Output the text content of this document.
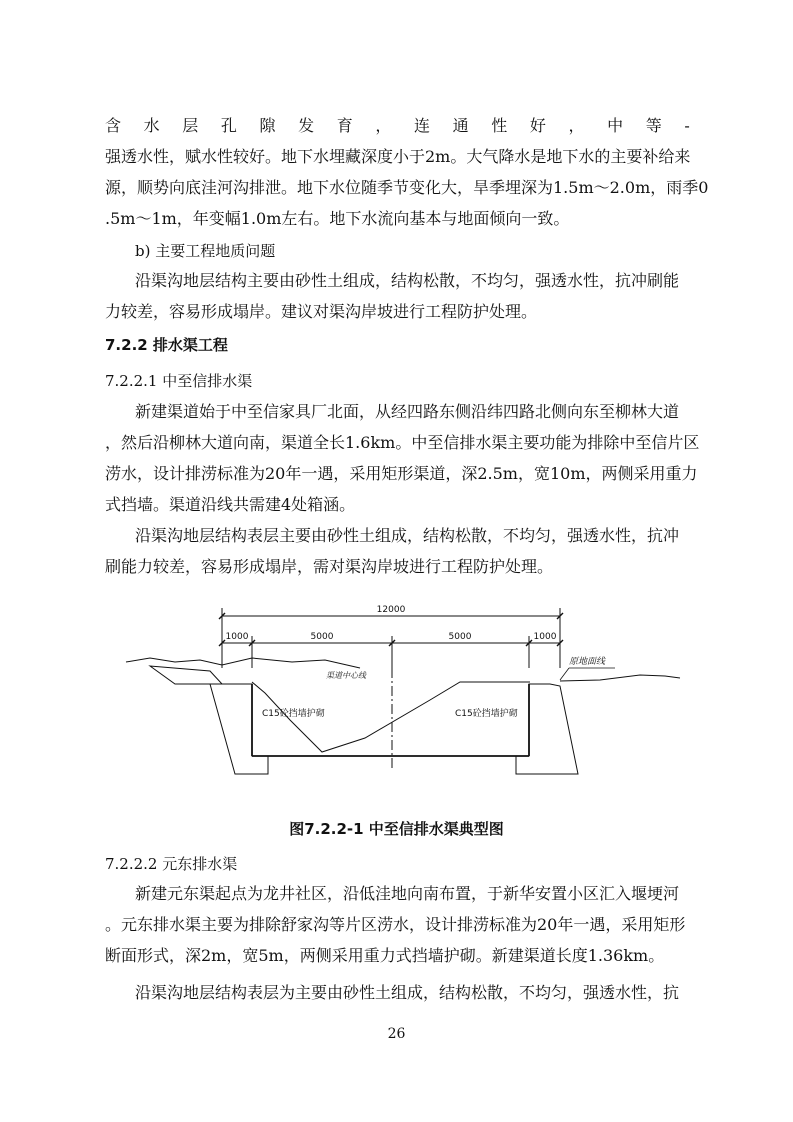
含 水 层 孔 隙 发 育 ， 连 通 性 好 ， 中 等 -
强透水性，赋水性较好。地下水埋藏深度小于2m。大气降水是地下水的主要补给来
源，顺势向底洼河沟排泄。地下水位随季节变化大，旱季埋深为1.5m～2.0m，雨季0
.5m～1m，年变幅1.0m左右。地下水流向基本与地面倾向一致。
b) 主要工程地质问题
沿渠沟地层结构主要由砂性土组成，结构松散，不均匀，强透水性，抗冲刷能
力较差，容易形成塌岸。建议对渠沟岸坡进行工程防护处理。
7.2.2 排水渠工程
7.2.2.1 中至信排水渠
新建渠道始于中至信家具厂北面，从经四路东侧沿纬四路北侧向东至柳林大道
，然后沿柳林大道向南，渠道全长1.6km。中至信排水渠主要功能为排除中至信片区
涝水，设计排涝标准为20年一遇，采用矩形渠道，深2.5m，宽10m，两侧采用重力
式挡墙。渠道沿线共需建4处箱涵。
沿渠沟地层结构表层主要由砂性土组成，结构松散，不均匀，强透水性，抗冲
刷能力较差，容易形成塌岸，需对渠沟岸坡进行工程防护处理。
12000
1000	5000	5000	1000
原地面线
渠道中心线
C15砼挡墙护砌	C15砼挡墙护砌
图7.2.2-1 中至信排水渠典型图
7.2.2.2 元东排水渠
新建元东渠起点为龙井社区，沿低洼地向南布置，于新华安置小区汇入堰埂河
。元东排水渠主要为排除舒家沟等片区涝水，设计排涝标准为20年一遇，采用矩形
断面形式，深2m，宽5m，两侧采用重力式挡墙护砌。新建渠道长度1.36km。
沿渠沟地层结构表层为主要由砂性土组成，结构松散，不均匀，强透水性，抗
26
